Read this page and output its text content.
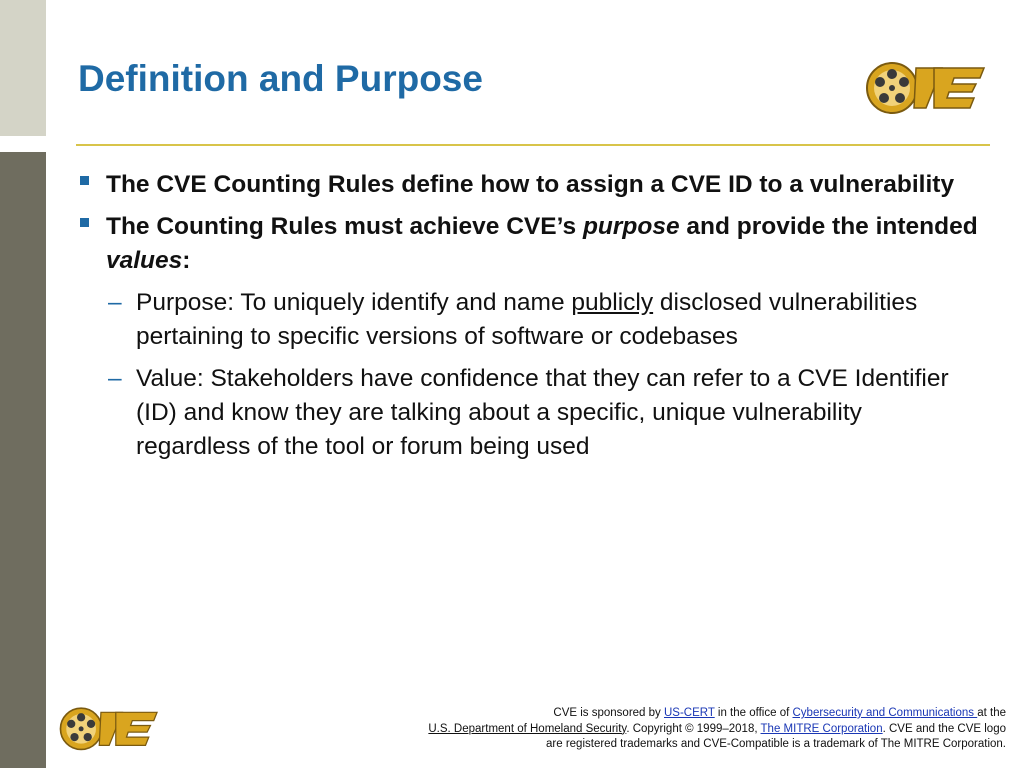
Definition and Purpose
The CVE Counting Rules define how to assign a CVE ID to a vulnerability
The Counting Rules must achieve CVE’s purpose and provide the intended values:
– Purpose: To uniquely identify and name publicly disclosed vulnerabilities pertaining to specific versions of software or codebases
– Value: Stakeholders have confidence that they can refer to a CVE Identifier (ID) and know they are talking about a specific, unique vulnerability regardless of the tool or forum being used
CVE is sponsored by US-CERT in the office of Cybersecurity and Communications at the
U.S. Department of Homeland Security. Copyright © 1999–2018, The MITRE Corporation. CVE and the CVE logo are registered trademarks and CVE-Compatible is a trademark of The MITRE Corporation.
